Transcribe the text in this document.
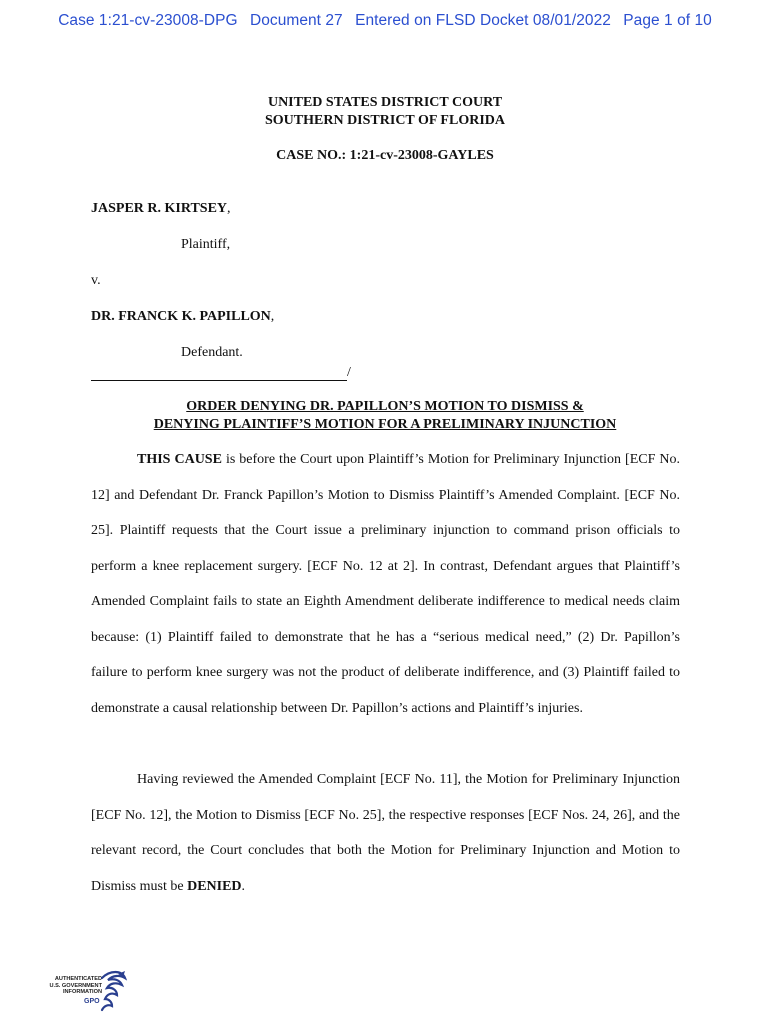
Case 1:21-cv-23008-DPG Document 27 Entered on FLSD Docket 08/01/2022 Page 1 of 10
UNITED STATES DISTRICT COURT
SOUTHERN DISTRICT OF FLORIDA
CASE NO.: 1:21-cv-23008-GAYLES
JASPER R. KIRTSEY,
Plaintiff,
v.
DR. FRANCK K. PAPILLON,
Defendant.
/
ORDER DENYING DR. PAPILLON’S MOTION TO DISMISS &
DENYING PLAINTIFF’S MOTION FOR A PRELIMINARY INJUNCTION
THIS CAUSE is before the Court upon Plaintiff’s Motion for Preliminary Injunction [ECF No. 12] and Defendant Dr. Franck Papillon’s Motion to Dismiss Plaintiff’s Amended Complaint. [ECF No. 25]. Plaintiff requests that the Court issue a preliminary injunction to command prison officials to perform a knee replacement surgery. [ECF No. 12 at 2]. In contrast, Defendant argues that Plaintiff’s Amended Complaint fails to state an Eighth Amendment deliberate indifference to medical needs claim because: (1) Plaintiff failed to demonstrate that he has a “serious medical need,” (2) Dr. Papillon’s failure to perform knee surgery was not the product of deliberate indifference, and (3) Plaintiff failed to demonstrate a causal relationship between Dr. Papillon’s actions and Plaintiff’s injuries.
Having reviewed the Amended Complaint [ECF No. 11], the Motion for Preliminary Injunction [ECF No. 12], the Motion to Dismiss [ECF No. 25], the respective responses [ECF Nos. 24, 26], and the relevant record, the Court concludes that both the Motion for Preliminary Injunction and Motion to Dismiss must be DENIED.
AUTHENTICATED
U.S. GOVERNMENT
INFORMATION
GPO
